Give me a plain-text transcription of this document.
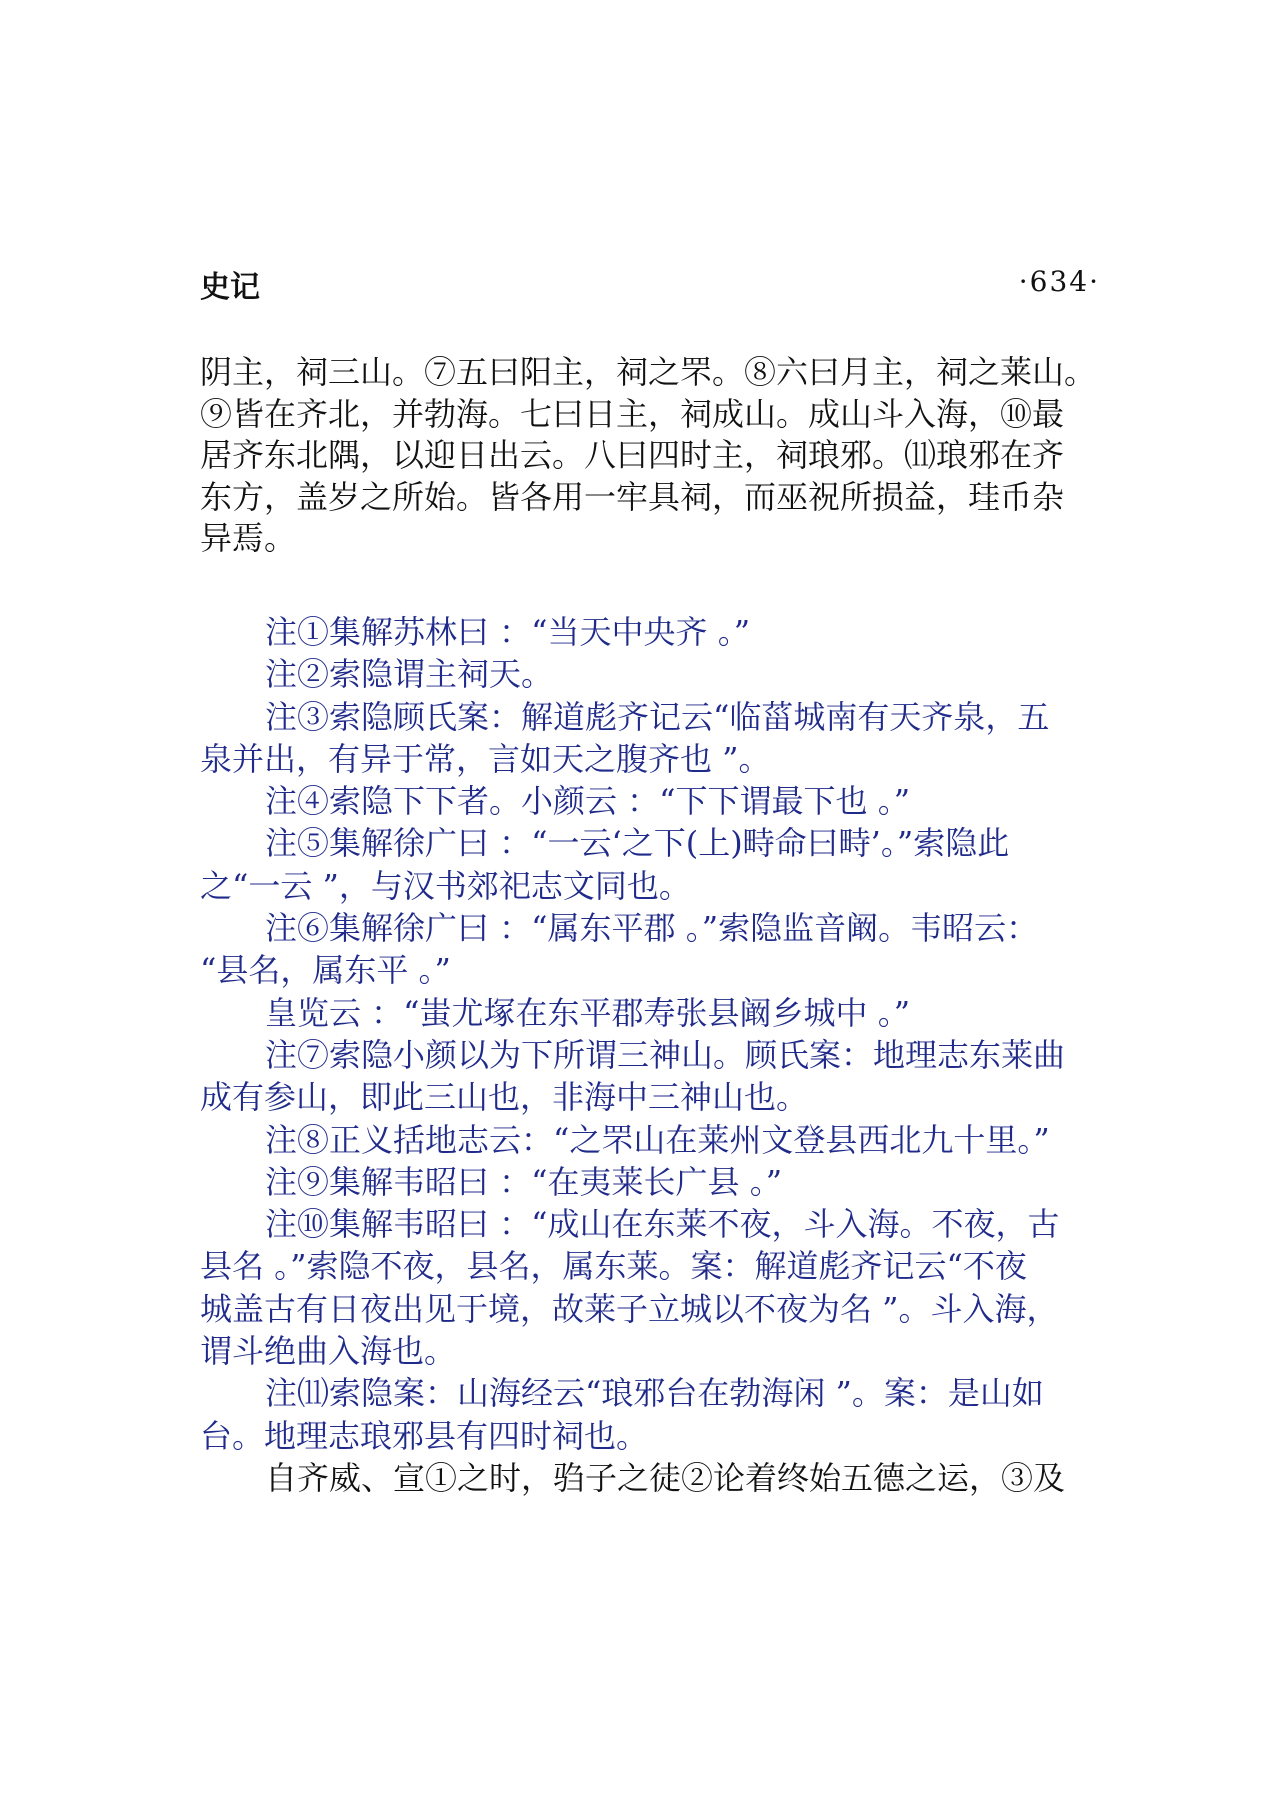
史记	·634·
阴主，祠三山。⑦五曰阳主，祠之罘。⑧六曰月主，祠之莱山。
⑨皆在齐北，并勃海。七曰日主，祠成山。成山斗入海，⑩最
居齐东北隅，以迎日出云。八曰四时主，祠琅邪。⑾琅邪在齐
东方，盖岁之所始。皆各用一牢具祠，而巫祝所损益，珪币杂
异焉。
注①集解苏林曰 ：“当天中央齐 。”
注②索隐谓主祠天。
注③索隐顾氏案：解道彪齐记云“临菑城南有天齐泉，五
泉并出，有异于常，言如天之腹齐也 ”。
注④索隐下下者。小颜云 ：“下下谓最下也 。”
注⑤集解徐广曰 ：“一云‘之下(上)畤命曰畤’。”索隐此
之“一云 ”，与汉书郊祀志文同也。
注⑥集解徐广曰 ：“属东平郡 。”索隐监音阚。韦昭云：
“县名，属东平 。”
皇览云 ：“蚩尤塚在东平郡寿张县阚乡城中 。”
注⑦索隐小颜以为下所谓三神山。顾氏案：地理志东莱曲
成有参山，即此三山也，非海中三神山也。
注⑧正义括地志云：“之罘山在莱州文登县西北九十里。”
注⑨集解韦昭曰 ：“在夷莱长广县 。”
注⑩集解韦昭曰 ：“成山在东莱不夜，斗入海。不夜，古
县名 。”索隐不夜，县名，属东莱。案：解道彪齐记云“不夜
城盖古有日夜出见于境，故莱子立城以不夜为名 ”。斗入海，
谓斗绝曲入海也。
注⑾索隐案：山海经云“琅邪台在勃海闲 ”。案：是山如
台。地理志琅邪县有四时祠也。
自齐威、宣①之时，驺子之徒②论着终始五德之运，③及
